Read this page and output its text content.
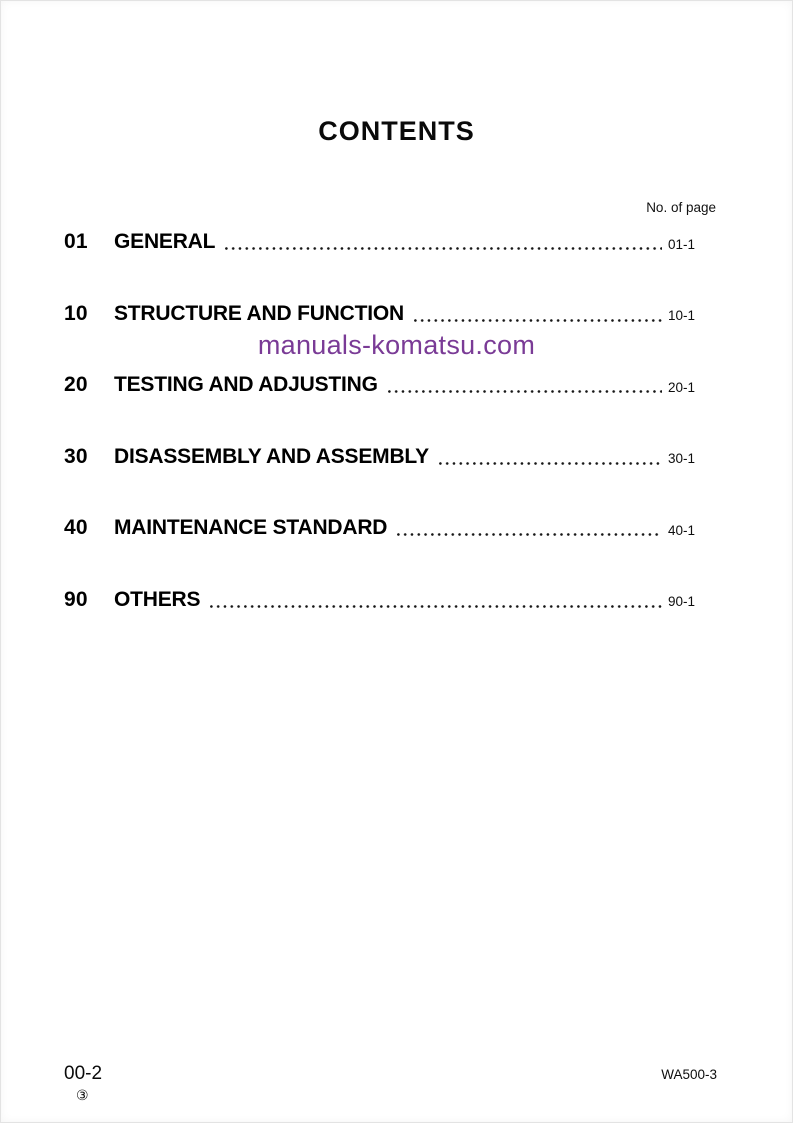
CONTENTS
No. of page
01	GENERAL	01-1
10	STRUCTURE AND FUNCTION	10-1
20	TESTING AND ADJUSTING	20-1
30	DISASSEMBLY AND ASSEMBLY	30-1
40	MAINTENANCE STANDARD	40-1
90	OTHERS	90-1
manuals-komatsu.com
00-2
③
WA500-3
